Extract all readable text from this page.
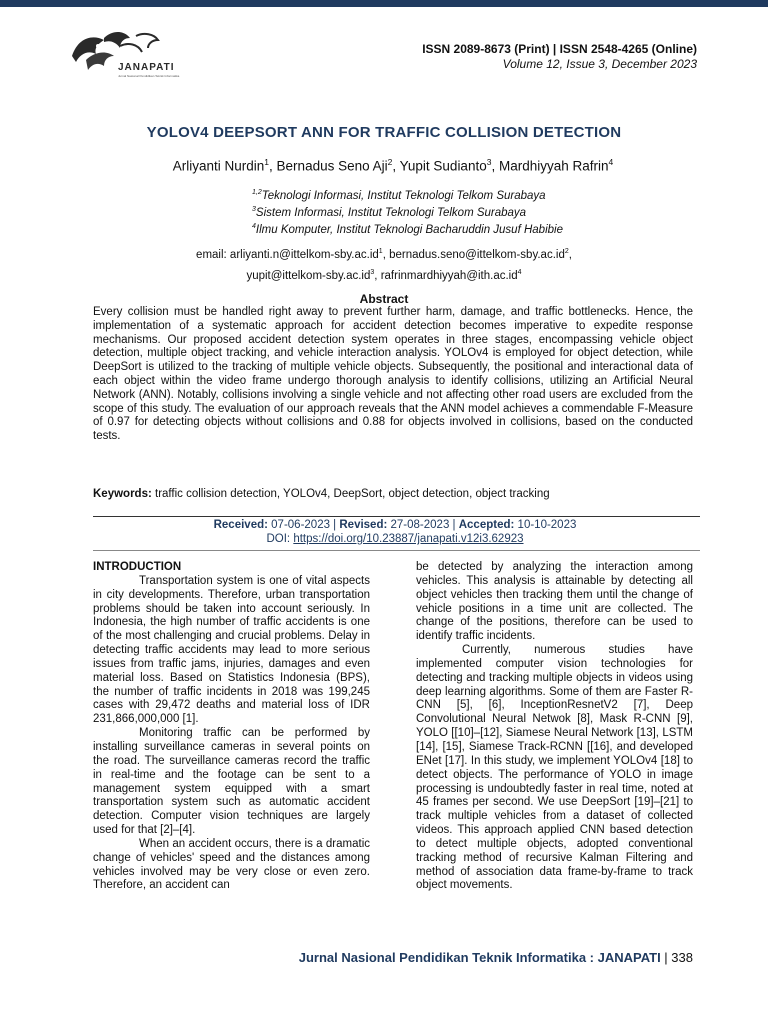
JANAPATI
Jurnal Nasional Pendidikan Teknik Informatika
ISSN 2089-8673 (Print) | ISSN 2548-4265 (Online)
Volume 12, Issue 3, December 2023
YOLOV4 DEEPSORT ANN FOR TRAFFIC COLLISION DETECTION
Arliyanti Nurdin$^1$, Bernadus Seno Aji$^2$, Yupit Sudianto$^3$, Mardhiyyah Rafrin$^4$
$^{1,2}$Teknologi Informasi, Institut Teknologi Telkom Surabaya
$^3$Sistem Informasi, Institut Teknologi Telkom Surabaya
$^4$Ilmu Komputer, Institut Teknologi Bacharuddin Jusuf Habibie
email: $arliyanti.n@ittelkom-sby.ac.id^1$, $bernadus.seno@ittelkom-sby.ac.id^2$,
$yupit@ittelkom-sby.ac.id^3$, $rafrinmardhiyyah@ith.ac.id^4$
Abstract
Every collision must be handled right away to prevent further harm, damage, and traffic bottlenecks. Hence, the implementation of a systematic approach for accident detection becomes imperative to expedite response mechanisms. Our proposed accident detection system operates in three stages, encompassing vehicle object detection, multiple object tracking, and vehicle interaction analysis. YOLOv4 is employed for object detection, while DeepSort is utilized to the tracking of multiple vehicle objects. Subsequently, the positional and interactional data of each object within the video frame undergo thorough analysis to identify collisions, utilizing an Artificial Neural Network (ANN). Notably, collisions involving a single vehicle and not affecting other road users are excluded from the scope of this study. The evaluation of our approach reveals that the ANN model achieves a commendable F-Measure of 0.97 for detecting objects without collisions and 0.88 for objects involved in collisions, based on the conducted tests.
Keywords: traffic collision detection, YOLOv4, DeepSort, object detection, object tracking
Received: 07-06-2023 | Revised: 27-08-2023 | Accepted: 10-10-2023
DOI: https://doi.org/10.23887/janapati.v12i3.62923

INTRODUCTION

Transportation system is one of vital aspects in city developments. Therefore, urban transportation problems should be taken into account seriously. In Indonesia, the high number of traffic accidents is one of the most challenging and crucial problems. Delay in detecting traffic accidents may lead to more serious issues from traffic jams, injuries, damages and even material loss. Based on Statistics Indonesia (BPS), the number of traffic incidents in 2018 was 199,245 cases with 29,472 deaths and material loss of IDR 231,866,000,000 [1].

Monitoring traffic can be performed by installing surveillance cameras in several points on the road. The surveillance cameras record the traffic in real-time and the footage can be sent to a management system equipped with a smart transportation system such as automatic accident detection. Computer vision techniques are largely used for that [2]–[4].

When an accident occurs, there is a dramatic change of vehicles' speed and the distances among vehicles involved may be very close or even zero. Therefore, an accident can

be detected by analyzing the interaction among vehicles. This analysis is attainable by detecting all object vehicles then tracking them until the change of vehicle positions in a time unit are collected. The change of the positions, therefore can be used to identify traffic incidents.

Currently, numerous studies have implemented computer vision technologies for detecting and tracking multiple objects in videos using deep learning algorithms. Some of them are Faster R-CNN [5], [6], InceptionResnetV2 [7], Deep Convolutional Neural Netwok [8], Mask R-CNN [9], YOLO [[10]–[12], Siamese Neural Network [13], LSTM [14], [15], Siamese Track-RCNN [[16], and developed ENet [17]. In this study, we implement YOLOv4 [18] to detect objects. The performance of YOLO in image processing is undoubtedly faster in real time, noted at 45 frames per second. We use DeepSort [19]–[21] to track multiple vehicles from a dataset of collected videos. This approach applied CNN based detection to detect multiple objects, adopted conventional tracking method of recursive Kalman Filtering and method of association data frame-by-frame to track object movements.

Jurnal Nasional Pendidikan Teknik Informatika : JANAPATI | 338
